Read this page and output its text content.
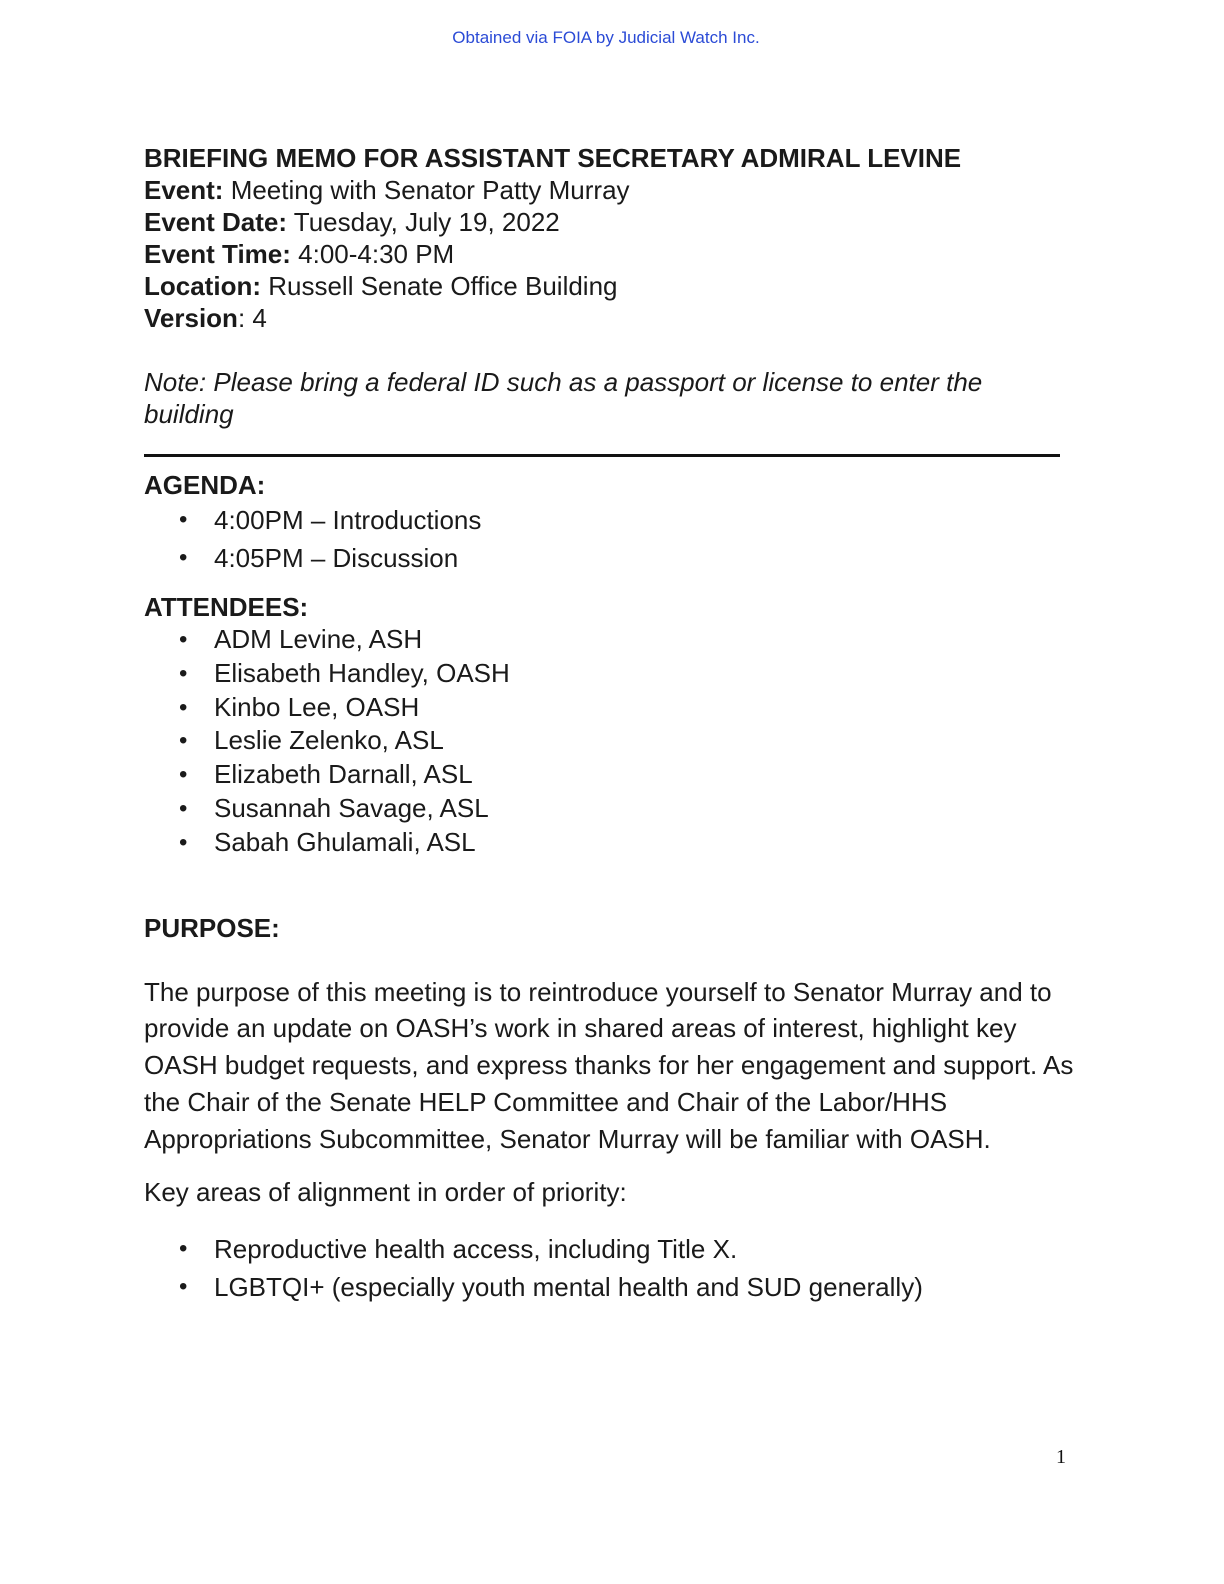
Obtained via FOIA by Judicial Watch Inc.

BRIEFING MEMO FOR ASSISTANT SECRETARY ADMIRAL LEVINE

Event: Meeting with Senator Patty Murray

Event Date: Tuesday, July 19, 2022

Event Time: 4:00-4:30 PM

Location: Russell Senate Office Building

Version: 4

Note: Please bring a federal ID such as a passport or license to enter the building

AGENDA:

• 4:00PM – Introductions
• 4:05PM – Discussion

ATTENDEES:

• ADM Levine, ASH
• Elisabeth Handley, OASH
• Kinbo Lee, OASH
• Leslie Zelenko, ASL
• Elizabeth Darnall, ASL
• Susannah Savage, ASL
• Sabah Ghulamali, ASL

PURPOSE:

The purpose of this meeting is to reintroduce yourself to Senator Murray and to provide an update on OASH’s work in shared areas of interest, highlight key OASH budget requests, and express thanks for her engagement and support. As the Chair of the Senate HELP Committee and Chair of the Labor/HHS Appropriations Subcommittee, Senator Murray will be familiar with OASH.
Key areas of alignment in order of priority:
• Reproductive health access, including Title X.
• LGBTQI+ (especially youth mental health and SUD generally)
1
